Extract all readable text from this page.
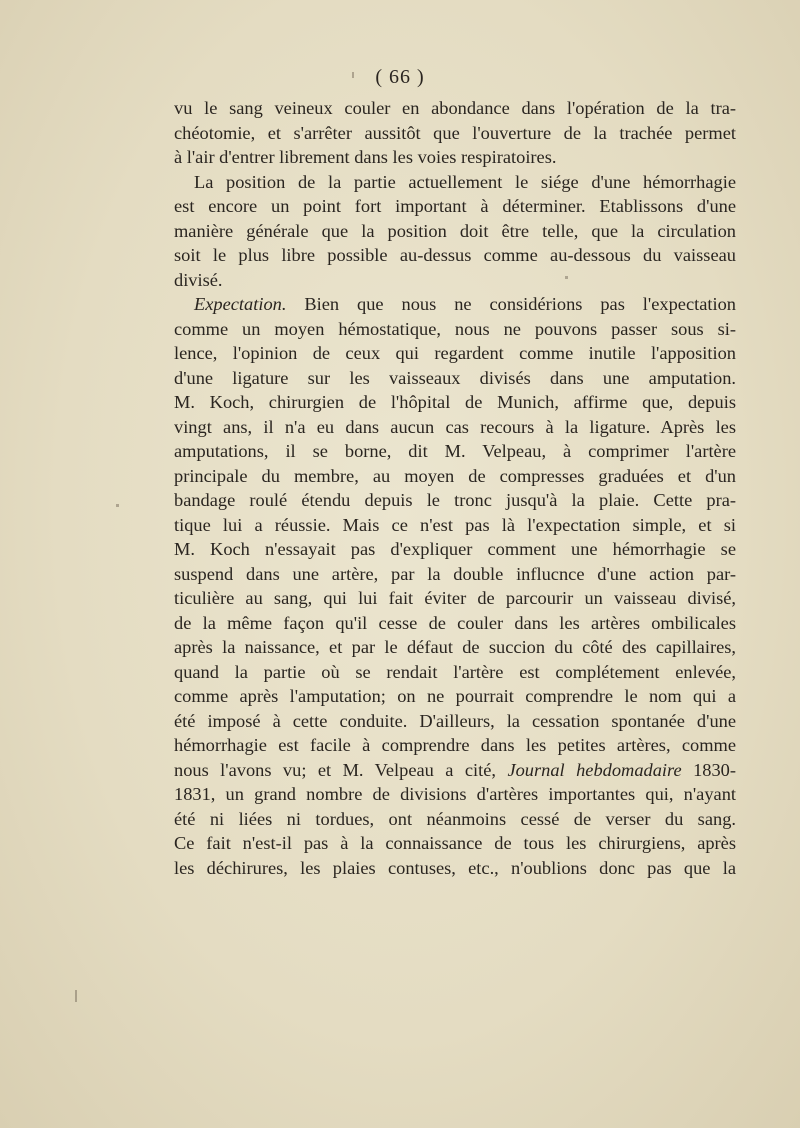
( 66 )
vu le sang veineux couler en abondance dans l'opération de la tra-
chéotomie, et s'arrêter aussitôt que l'ouverture de la trachée permet
à l'air d'entrer librement dans les voies respiratoires.
La position de la partie actuellement le siége d'une hémorrhagie
est encore un point fort important à déterminer. Etablissons d'une
manière générale que la position doit être telle, que la circulation
soit le plus libre possible au-dessus comme au-dessous du vaisseau
divisé.
Expectation. Bien que nous ne considérions pas l'expectation
comme un moyen hémostatique, nous ne pouvons passer sous si-
lence, l'opinion de ceux qui regardent comme inutile l'apposition
d'une ligature sur les vaisseaux divisés dans une amputation.
M. Koch, chirurgien de l'hôpital de Munich, affirme que, depuis
vingt ans, il n'a eu dans aucun cas recours à la ligature. Après les
amputations, il se borne, dit M. Velpeau, à comprimer l'artère
principale du membre, au moyen de compresses graduées et d'un
bandage roulé étendu depuis le tronc jusqu'à la plaie. Cette pra-
tique lui a réussie. Mais ce n'est pas là l'expectation simple, et si
M. Koch n'essayait pas d'expliquer comment une hémorrhagie se
suspend dans une artère, par la double influcnce d'une action par-
ticulière au sang, qui lui fait éviter de parcourir un vaisseau divisé,
de la même façon qu'il cesse de couler dans les artères ombilicales
après la naissance, et par le défaut de succion du côté des capillaires,
quand la partie où se rendait l'artère est complétement enlevée,
comme après l'amputation; on ne pourrait comprendre le nom qui a
été imposé à cette conduite. D'ailleurs, la cessation spontanée d'une
hémorrhagie est facile à comprendre dans les petites artères, comme
nous l'avons vu; et M. Velpeau a cité, Journal hebdomadaire 1830-
1831, un grand nombre de divisions d'artères importantes qui, n'ayant
été ni liées ni tordues, ont néanmoins cessé de verser du sang.
Ce fait n'est-il pas à la connaissance de tous les chirurgiens, après
les déchirures, les plaies contuses, etc., n'oublions donc pas que la
